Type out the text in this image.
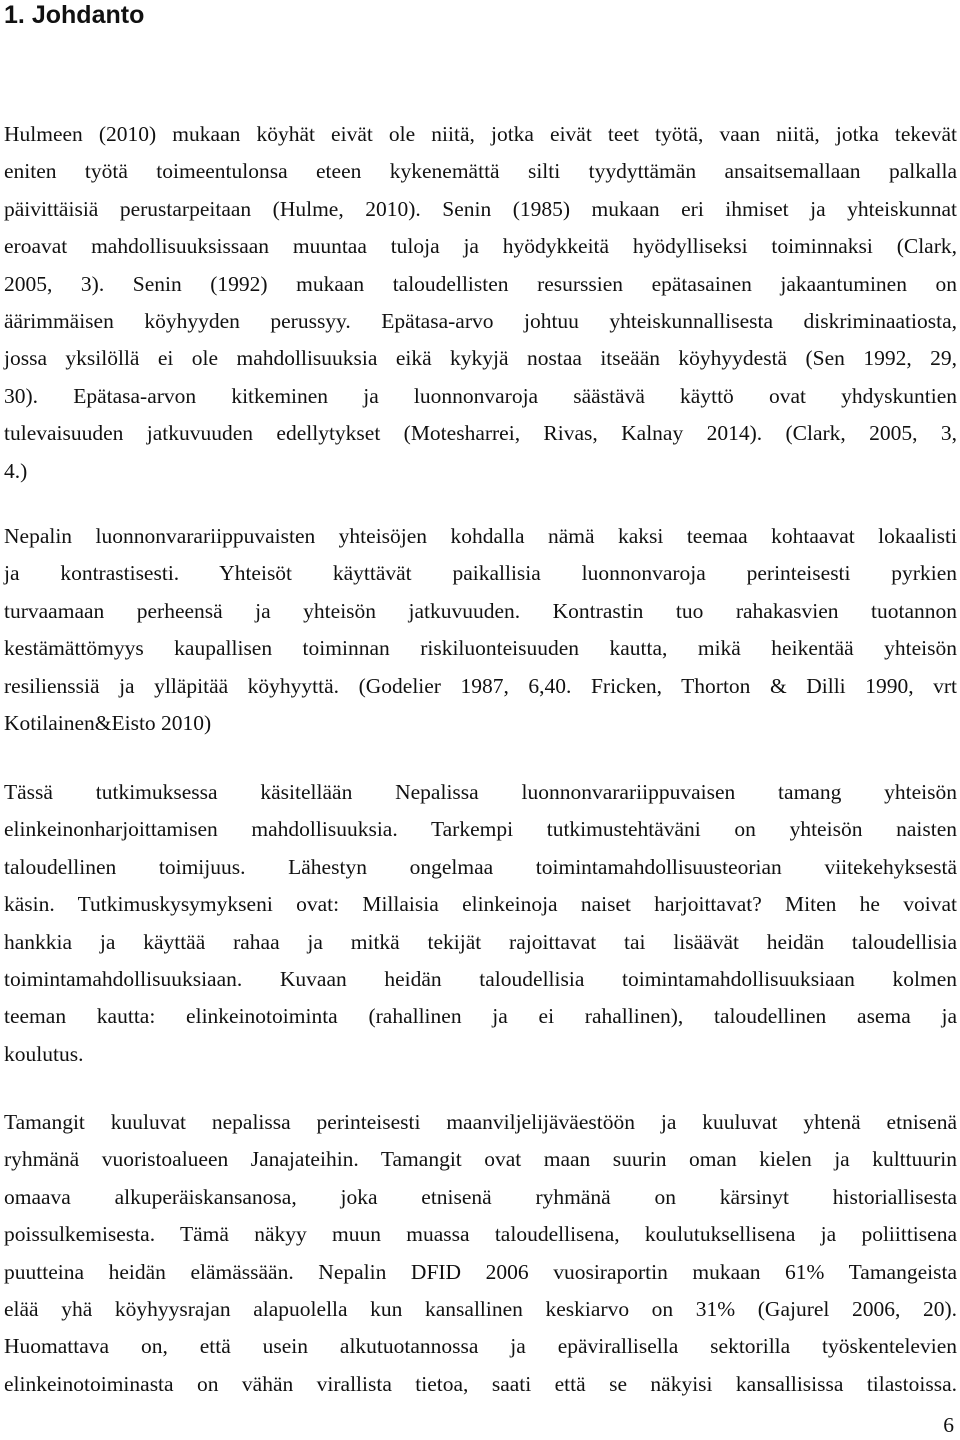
1. Johdanto
Hulmeen (2010) mukaan köyhät eivät ole niitä, jotka eivät teet työtä, vaan niitä, jotka tekevät
eniten työtä toimeentulonsa eteen kykenemättä silti tyydyttämän ansaitsemallaan palkalla
päivittäisiä perustarpeitaan (Hulme, 2010). Senin (1985) mukaan eri ihmiset ja yhteiskunnat
eroavat mahdollisuuksissaan muuntaa tuloja ja hyödykkeitä hyödylliseksi toiminnaksi (Clark,
2005, 3). Senin (1992) mukaan taloudellisten resurssien epätasainen jakaantuminen on
äärimmäisen köyhyyden perussyy. Epätasa-arvo johtuu yhteiskunnallisesta diskriminaatiosta,
jossa yksilöllä ei ole mahdollisuuksia eikä kykyjä nostaa itseään köyhyydestä (Sen 1992, 29,
30). Epätasa-arvon kitkeminen ja luonnonvaroja säästävä käyttö ovat yhdyskuntien
tulevaisuuden jatkuvuuden edellytykset (Motesharrei, Rivas, Kalnay 2014). (Clark, 2005, 3,
4.)
Nepalin luonnonvarariippuvaisten yhteisöjen kohdalla nämä kaksi teemaa kohtaavat lokaalisti
ja kontrastisesti. Yhteisöt käyttävät paikallisia luonnonvaroja perinteisesti pyrkien
turvaamaan perheensä ja yhteisön jatkuvuuden. Kontrastin tuo rahakasvien tuotannon
kestämättömyys kaupallisen toiminnan riskiluonteisuuden kautta, mikä heikentää yhteisön
resilienssiä ja ylläpitää köyhyyttä. (Godelier 1987, 6,40. Fricken, Thorton & Dilli 1990, vrt
Kotilainen&Eisto 2010)
Tässä tutkimuksessa käsitellään Nepalissa luonnonvarariippuvaisen tamang yhteisön
elinkeinonharjoittamisen mahdollisuuksia. Tarkempi tutkimustehtäväni on yhteisön naisten
taloudellinen toimijuus. Lähestyn ongelmaa toimintamahdollisuusteorian viitekehyksestä
käsin. Tutkimuskysymykseni ovat: Millaisia elinkeinoja naiset harjoittavat? Miten he voivat
hankkia ja käyttää rahaa ja mitkä tekijät rajoittavat tai lisäävät heidän taloudellisia
toimintamahdollisuuksiaan. Kuvaan heidän taloudellisia toimintamahdollisuuksiaan kolmen
teeman kautta: elinkeinotoiminta (rahallinen ja ei rahallinen), taloudellinen asema ja
koulutus.
Tamangit kuuluvat nepalissa perinteisesti maanviljelijäväestöön ja kuuluvat yhtenä etnisenä
ryhmänä vuoristoalueen Janajateihin. Tamangit ovat maan suurin oman kielen ja kulttuurin
omaava alkuperäiskansanosa, joka etnisenä ryhmänä on kärsinyt historiallisesta
poissulkemisesta. Tämä näkyy muun muassa taloudellisena, koulutuksellisena ja poliittisena
puutteina heidän elämässään. Nepalin DFID 2006 vuosiraportin mukaan 61% Tamangeista
elää yhä köyhyysrajan alapuolella kun kansallinen keskiarvo on 31% (Gajurel 2006, 20).
Huomattava on, että usein alkutuotannossa ja epävirallisella sektorilla työskentelevien
elinkeinotoiminasta on vähän virallista tietoa, saati että se näkyisi kansallisissa tilastoissa.
6
